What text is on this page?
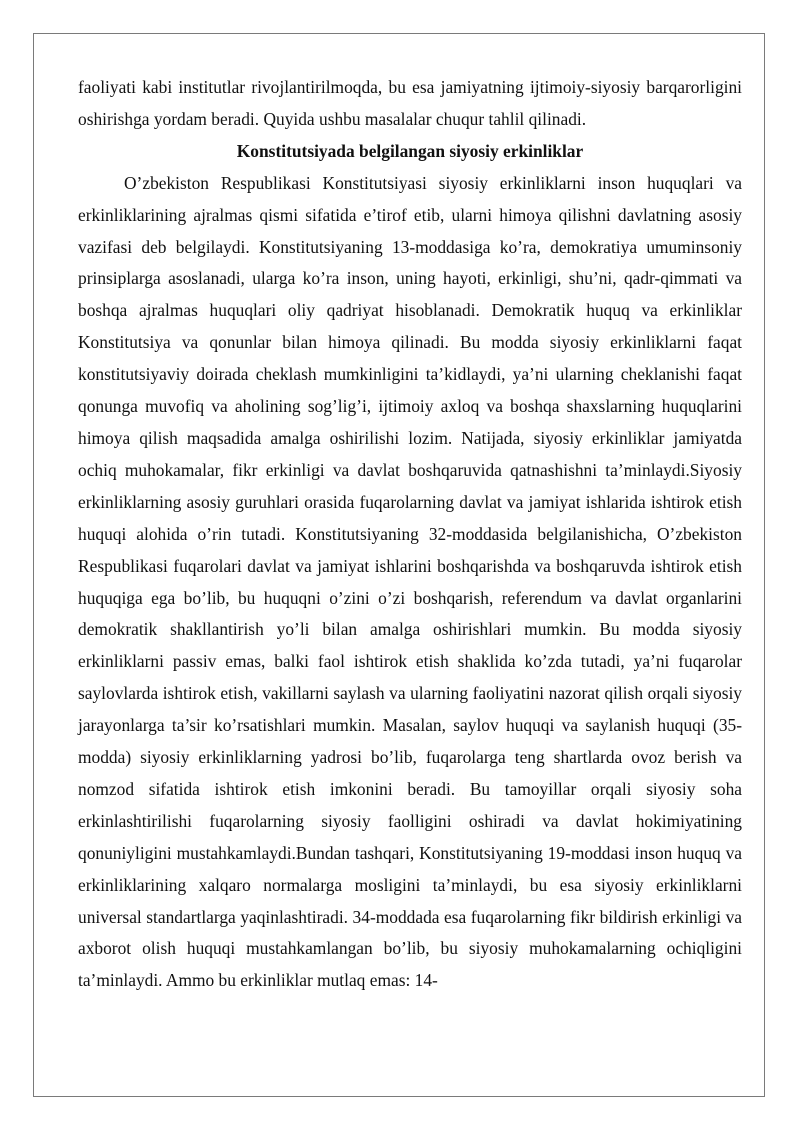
faoliyati kabi institutlar rivojlantirilmoqda, bu esa jamiyatning ijtimoiy-siyosiy barqarorligini oshirishga yordam beradi. Quyida ushbu masalalar chuqur tahlil qilinadi.

Konstitutsiyada belgilangan siyosiy erkinliklar

O’zbekiston Respublikasi Konstitutsiyasi siyosiy erkinliklarni inson huquqlari va erkinliklarining ajralmas qismi sifatida e’tirof etib, ularni himoya qilishni davlatning asosiy vazifasi deb belgilaydi. Konstitutsiyaning 13-moddasiga ko’ra, demokratiya umuminsoniy prinsiplarga asoslanadi, ularga ko’ra inson, uning hayoti, erkinligi, shu’ni, qadr-qimmati va boshqa ajralmas huquqlari oliy qadriyat hisoblanadi. Demokratik huquq va erkinliklar Konstitutsiya va qonunlar bilan himoya qilinadi. Bu modda siyosiy erkinliklarni faqat konstitutsiyaviy doirada cheklash mumkinligini ta’kidlaydi, ya’ni ularning cheklanishi faqat qonunga muvofiq va aholining sog’lig’i, ijtimoiy axloq va boshqa shaxslarning huquqlarini himoya qilish maqsadida amalga oshirilishi lozim. Natijada, siyosiy erkinliklar jamiyatda ochiq muhokamalar, fikr erkinligi va davlat boshqaruvida qatnashishni ta’minlaydi.Siyosiy erkinliklarning asosiy guruhlari orasida fuqarolarning davlat va jamiyat ishlarida ishtirok etish huquqi alohida o’rin tutadi. Konstitutsiyaning 32-moddasida belgilanishicha, O’zbekiston Respublikasi fuqarolari davlat va jamiyat ishlarini boshqarishda va boshqaruvda ishtirok etish huquqiga ega bo’lib, bu huquqni o’zini o’zi boshqarish, referendum va davlat organlarini demokratik shakllantirish yo’li bilan amalga oshirishlari mumkin. Bu modda siyosiy erkinliklarni passiv emas, balki faol ishtirok etish shaklida ko’zda tutadi, ya’ni fuqarolar saylovlarda ishtirok etish, vakillarni saylash va ularning faoliyatini nazorat qilish orqali siyosiy jarayonlarga ta’sir ko’rsatishlari mumkin. Masalan, saylov huquqi va saylanish huquqi (35-modda) siyosiy erkinliklarning yadrosi bo’lib, fuqarolarga teng shartlarda ovoz berish va nomzod sifatida ishtirok etish imkonini beradi. Bu tamoyillar orqali siyosiy soha erkinlashtirilishi fuqarolarning siyosiy faolligini oshiradi va davlat hokimiyatining qonuniyligini mustahkamlaydi.Bundan tashqari, Konstitutsiyaning 19-moddasi inson huquq va erkinliklarining xalqaro normalarga mosligini ta’minlaydi, bu esa siyosiy erkinliklarni universal standartlarga yaqinlashtiradi. 34-moddada esa fuqarolarning fikr bildirish erkinligi va axborot olish huquqi mustahkamlangan bo’lib, bu siyosiy muhokamalarning ochiqligini ta’minlaydi. Ammo bu erkinliklar mutlaq emas: 14-
